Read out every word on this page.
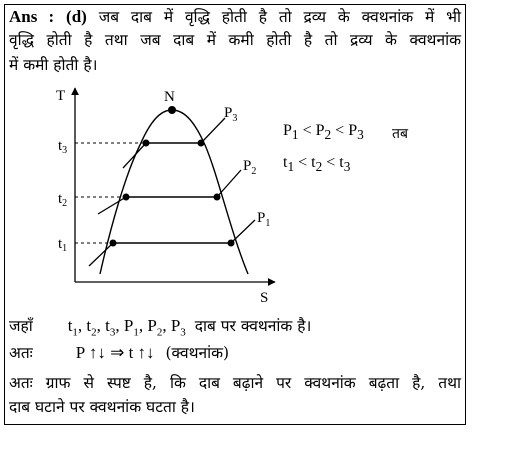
Ans : (d) जब दाब में वृद्धि होती है तो द्रव्य के क्वथनांक में भी
वृद्धि होती है तथा जब दाब में कमी होती है तो द्रव्य के क्वथनांक
में कमी होती है।
T
S
N
$t_3$
$t_2$
$t_1$
$P_3$
$P_2$
$P_1$
$P_1 < P_2 < P_3$ तब
$t_1 < t_2 < t_3$
जहाँ $t_1$, $t_2$, $t_3$, $P_1$, $P_2$, $P_3$ दाब पर क्वथनांक है।
अतः	P ↑↓ ⇒ t ↑↓ (क्वथनांक)
अतः ग्राफ से स्पष्ट है, कि दाब बढ़ाने पर क्वथनांक बढ़ता है, तथा
दाब घटाने पर क्वथनांक घटता है।
